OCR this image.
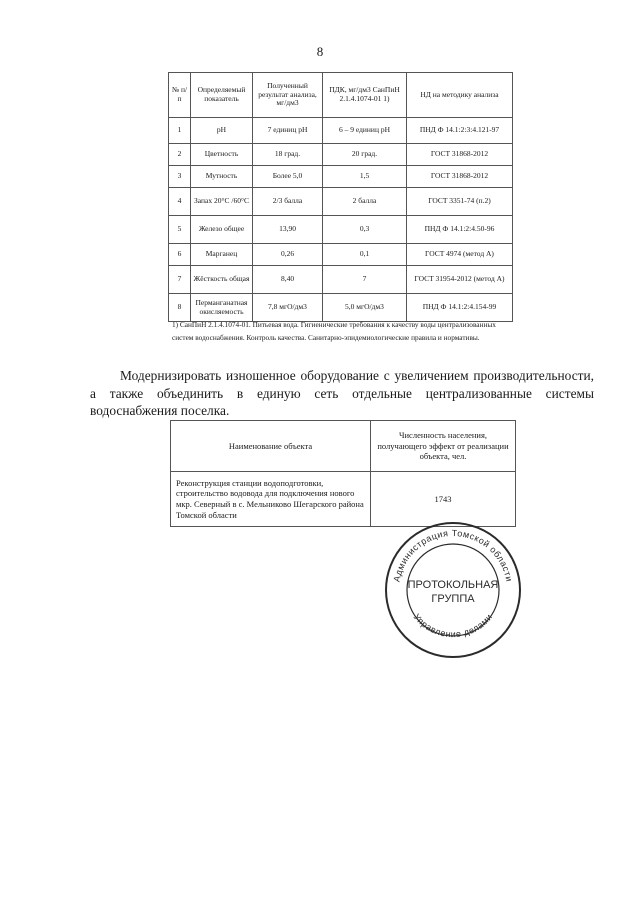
8
№ п/п	Определяемый показатель	Полученный результат анализа, мг/дм3	ПДК, мг/дм3 СанПиН 2.1.4.1074-01 1)	НД на методику анализа
1	pH	7 единиц pH	6 – 9 единиц pH	ПНД Ф 14.1:2:3:4.121-97
2	Цветность	18 град.	20 град.	ГОСТ 31868-2012
3	Мутность	Более 5,0	1,5	ГОСТ 31868-2012
4	Запах 20°С /60°С	2/3 балла	2 балла	ГОСТ 3351-74 (п.2)
5	Железо общее	13,90	0,3	ПНД Ф 14.1:2:4.50-96
6	Марганец	0,26	0,1	ГОСТ 4974 (метод А)
7	Жёсткость общая	8,40	7	ГОСТ 31954-2012 (метод А)
8	Перманганатная окисляемость	7,8 мгО/дм3	5,0 мгО/дм3	ПНД Ф 14.1:2:4.154-99
1) СанПиН 2.1.4.1074-01. Питьевая вода. Гигиенические требования к качеству воды централизованных систем водоснабжения. Контроль качества. Санитарно-эпидемиологические правила и нормативы.
Модернизировать изношенное оборудование с увеличением производительности, а также объединить в единую сеть отдельные централизованные системы водоснабжения поселка.
Наименование объекта	Численность населения, получающего эффект от реализации объекта, чел.
Реконструкция станции водоподготовки, строительство водовода для подключения нового мкр. Северный в с. Мельниково Шегарского района Томской области	1743
Администрация Томской области
Управление делами
ПРОТОКОЛЬНАЯ
ГРУППА
